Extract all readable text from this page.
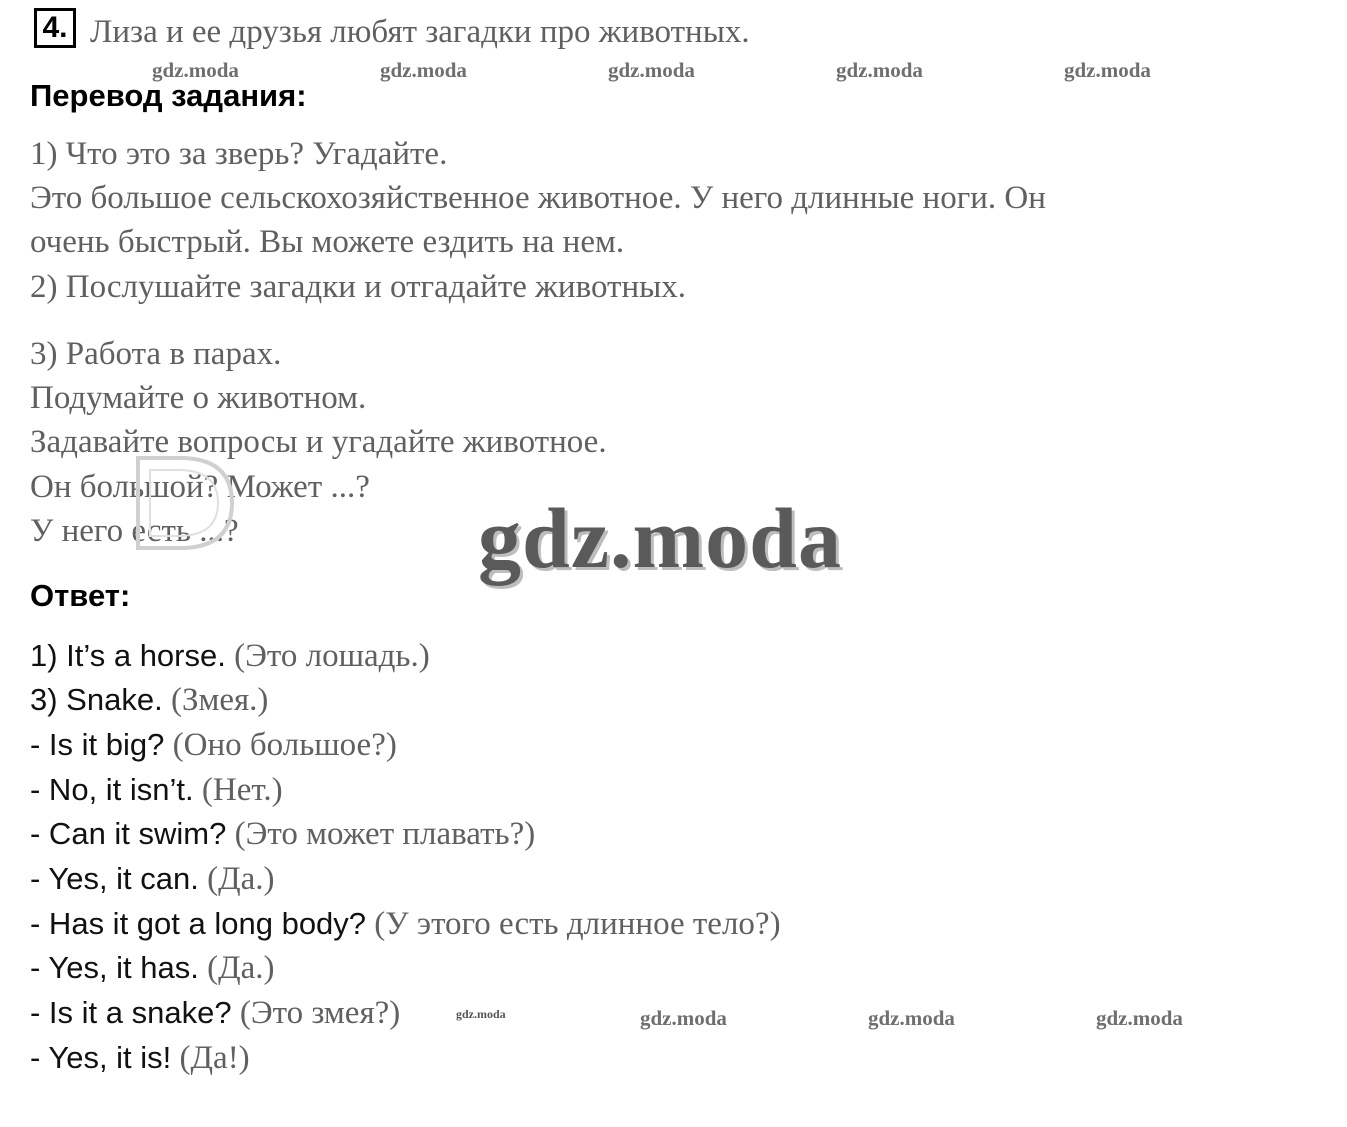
4. Лиза и ее друзья любят загадки про животных.
gdz.moda	gdz.moda	gdz.moda	gdz.moda	gdz.moda
Перевод задания:
1) Что это за зверь? Угадайте.
Это большое сельскохозяйственное животное. У него длинные ноги. Он
очень быстрый. Вы можете ездить на нем.
2) Послушайте загадки и отгадайте животных.
3) Работа в парах.
Подумайте о животном.
Задавайте вопросы и угадайте животное.
Он большой? Может ...?
У него есть ...?	gdz.moda
Ответ:
1) It’s a horse. (Это лошадь.)
3) Snake. (Змея.)
- Is it big? (Оно большое?)
- No, it isn’t. (Нет.)
- Can it swim? (Это может плавать?)
- Yes, it can. (Да.)
- Has it got a long body? (У этого есть длинное тело?)
- Yes, it has. (Да.)
- Is it a snake? (Это змея?)
- Yes, it is! (Да!)
gdz.moda	gdz.moda	gdz.moda	gdz.moda
